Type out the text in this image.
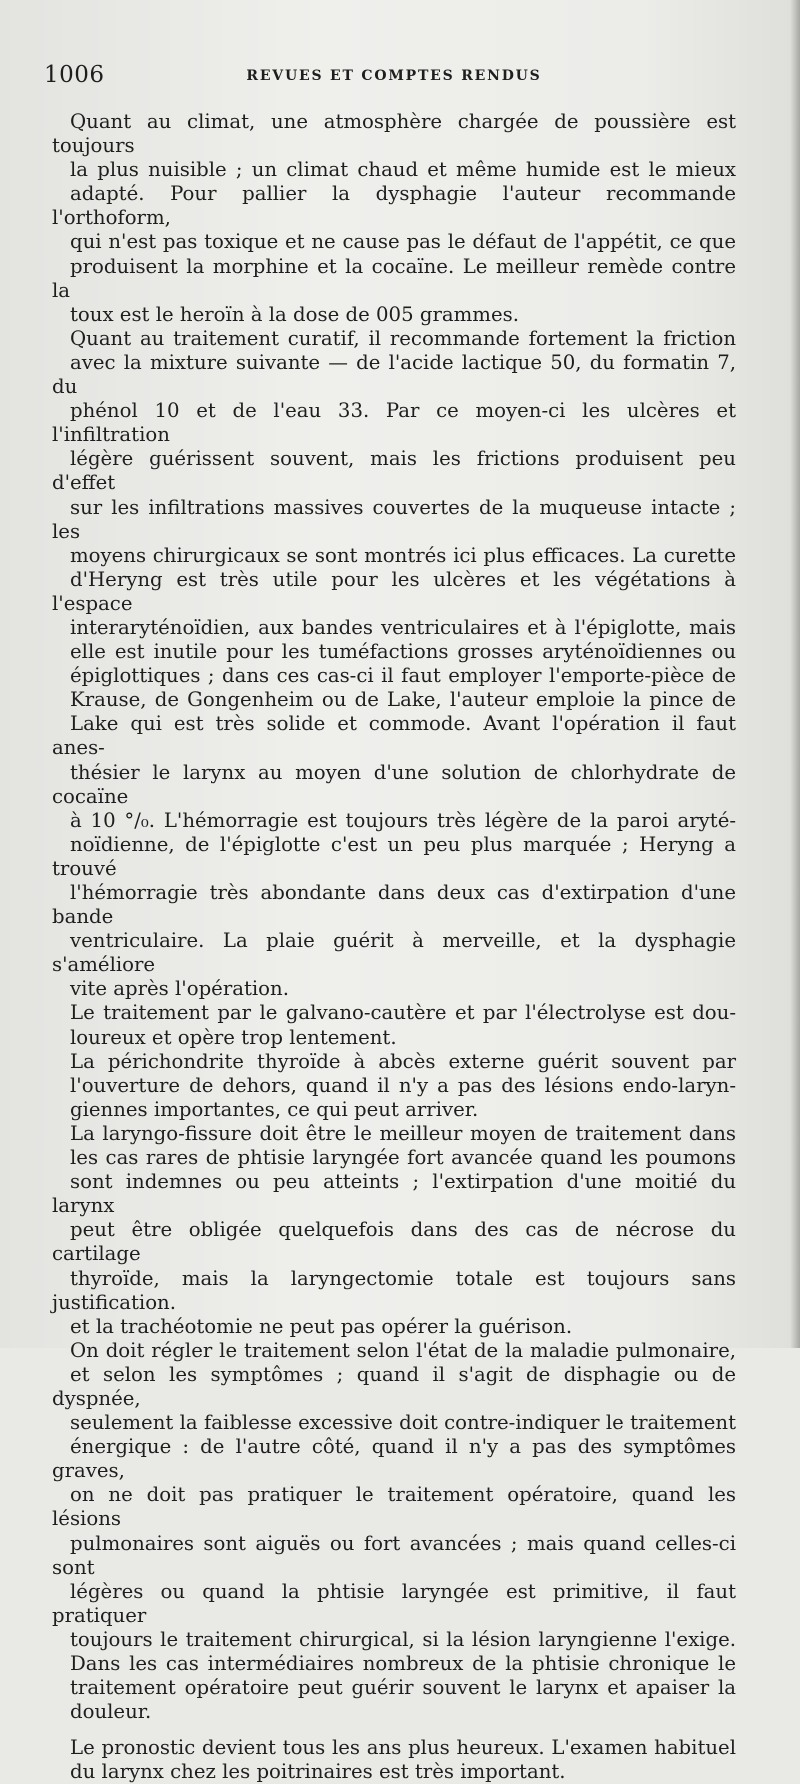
1006	REVUES ET COMPTES RENDUS

Quant au climat, une atmosphère chargée de poussière est toujours
la plus nuisible ; un climat chaud et même humide est le mieux
adapté. Pour pallier la dysphagie l'auteur recommande l'orthoform,
qui n'est pas toxique et ne cause pas le défaut de l'appétit, ce que
produisent la morphine et la cocaïne. Le meilleur remède contre la
toux est le heroïn à la dose de 005 grammes.

Quant au traitement curatif, il recommande fortement la friction
avec la mixture suivante — de l'acide lactique 50, du formatin 7, du
phénol 10 et de l'eau 33. Par ce moyen-ci les ulcères et l'infiltration
légère guérissent souvent, mais les frictions produisent peu d'effet
sur les infiltrations massives couvertes de la muqueuse intacte ; les
moyens chirurgicaux se sont montrés ici plus efficaces. La curette
d'Heryng est très utile pour les ulcères et les végétations à l'espace
interaryténoïdien, aux bandes ventriculaires et à l'épiglotte, mais
elle est inutile pour les tuméfactions grosses aryténoïdiennes ou
épiglottiques ; dans ces cas-ci il faut employer l'emporte-pièce de
Krause, de Gongenheim ou de Lake, l'auteur emploie la pince de
Lake qui est très solide et commode. Avant l'opération il faut anes-
thésier le larynx au moyen d'une solution de chlorhydrate de cocaïne
à 10 °/₀. L'hémorragie est toujours très légère de la paroi aryté-
noïdienne, de l'épiglotte c'est un peu plus marquée ; Heryng a trouvé
l'hémorragie très abondante dans deux cas d'extirpation d'une bande
ventriculaire. La plaie guérit à merveille, et la dysphagie s'améliore
vite après l'opération.

Le traitement par le galvano-cautère et par l'électrolyse est dou-
loureux et opère trop lentement.

La périchondrite thyroïde à abcès externe guérit souvent par
l'ouverture de dehors, quand il n'y a pas des lésions endo-laryn-
giennes importantes, ce qui peut arriver.

La laryngo-fissure doit être le meilleur moyen de traitement dans
les cas rares de phtisie laryngée fort avancée quand les poumons
sont indemnes ou peu atteints ; l'extirpation d'une moitié du larynx
peut être obligée quelquefois dans des cas de nécrose du cartilage
thyroïde, mais la laryngectomie totale est toujours sans justification.
et la trachéotomie ne peut pas opérer la guérison.

On doit régler le traitement selon l'état de la maladie pulmonaire,
et selon les symptômes ; quand il s'agit de disphagie ou de dyspnée,
seulement la faiblesse excessive doit contre-indiquer le traitement
énergique : de l'autre côté, quand il n'y a pas des symptômes graves,
on ne doit pas pratiquer le traitement opératoire, quand les lésions
pulmonaires sont aiguës ou fort avancées ; mais quand celles-ci sont
légères ou quand la phtisie laryngée est primitive, il faut pratiquer
toujours le traitement chirurgical, si la lésion laryngienne l'exige.
Dans les cas intermédiaires nombreux de la phtisie chronique le
traitement opératoire peut guérir souvent le larynx et apaiser la
douleur.

Le pronostic devient tous les ans plus heureux. L'examen habituel
du larynx chez les poitrinaires est très important.
